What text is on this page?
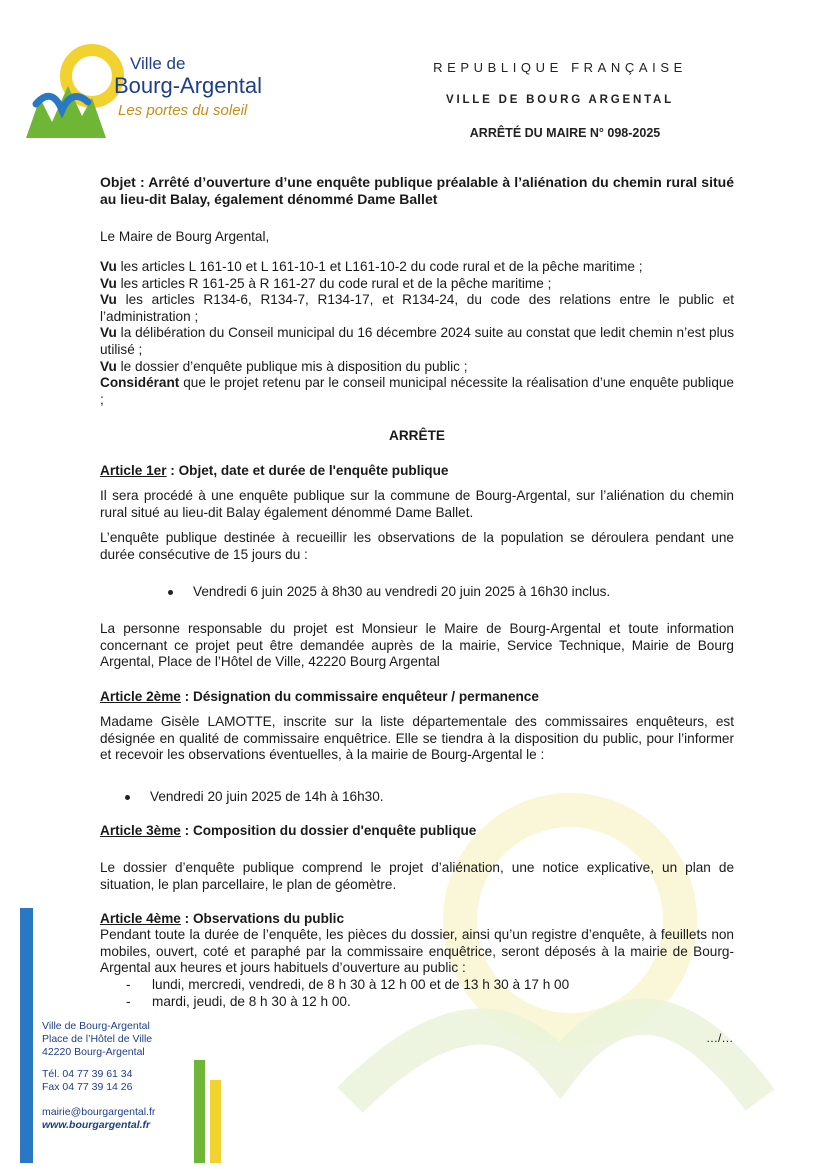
Ville de
Bourg-Argental
Les portes du soleil
REPUBLIQUE FRANÇAISE
VILLE DE BOURG ARGENTAL
ARRÊTÉ DU MAIRE N° 098-2025
Objet : Arrêté d’ouverture d’une enquête publique préalable à l’aliénation du chemin rural situé au lieu-dit Balay, également dénommé Dame Ballet
Le Maire de Bourg Argental,
Vu les articles L 161-10 et L 161-10-1 et L161-10-2 du code rural et de la pêche maritime ;
Vu les articles R 161-25 à R 161-27 du code rural et de la pêche maritime ;
Vu les articles R134-6, R134-7, R134-17, et R134-24, du code des relations entre le public et l’administration ;
Vu la délibération du Conseil municipal du 16 décembre 2024 suite au constat que ledit chemin n’est plus utilisé ;
Vu le dossier d’enquête publique mis à disposition du public ;
Considérant que le projet retenu par le conseil municipal nécessite la réalisation d’une enquête publique ;
ARRÊTE
Article 1er : Objet, date et durée de l'enquête publique
Il sera procédé à une enquête publique sur la commune de Bourg-Argental, sur l’aliénation du chemin rural situé au lieu-dit Balay également dénommé Dame Ballet.
L’enquête publique destinée à recueillir les observations de la population se déroulera pendant une durée consécutive de 15 jours du :
Vendredi 6 juin 2025 à 8h30 au vendredi 20 juin 2025 à 16h30 inclus.
La personne responsable du projet est Monsieur le Maire de Bourg-Argental et toute information concernant ce projet peut être demandée auprès de la mairie, Service Technique, Mairie de Bourg Argental, Place de l’Hôtel de Ville, 42220 Bourg Argental
Article 2ème : Désignation du commissaire enquêteur / permanence
Madame Gisèle LAMOTTE, inscrite sur la liste départementale des commissaires enquêteurs, est désignée en qualité de commissaire enquêtrice. Elle se tiendra à la disposition du public, pour l’informer et recevoir les observations éventuelles, à la mairie de Bourg-Argental le :
Vendredi 20 juin 2025 de 14h à 16h30.
Article 3ème : Composition du dossier d'enquête publique
Le dossier d’enquête publique comprend le projet d’aliénation, une notice explicative, un plan de situation, le plan parcellaire, le plan de géomètre.
Article 4ème : Observations du public
Pendant toute la durée de l’enquête, les pièces du dossier, ainsi qu’un registre d’enquête, à feuillets non mobiles, ouvert, coté et paraphé par la commissaire enquêtrice, seront déposés à la mairie de Bourg-Argental aux heures et jours habituels d’ouverture au public :
- lundi, mercredi, vendredi, de 8 h 30 à 12 h 00 et de 13 h 30 à 17 h 00
- mardi, jeudi, de 8 h 30 à 12 h 00.
…/…
Ville de Bourg-Argental
Place de l’Hôtel de Ville
42220 Bourg-Argental
Tél. 04 77 39 61 34
Fax 04 77 39 14 26
mairie@bourgargental.fr
www.bourgargental.fr
